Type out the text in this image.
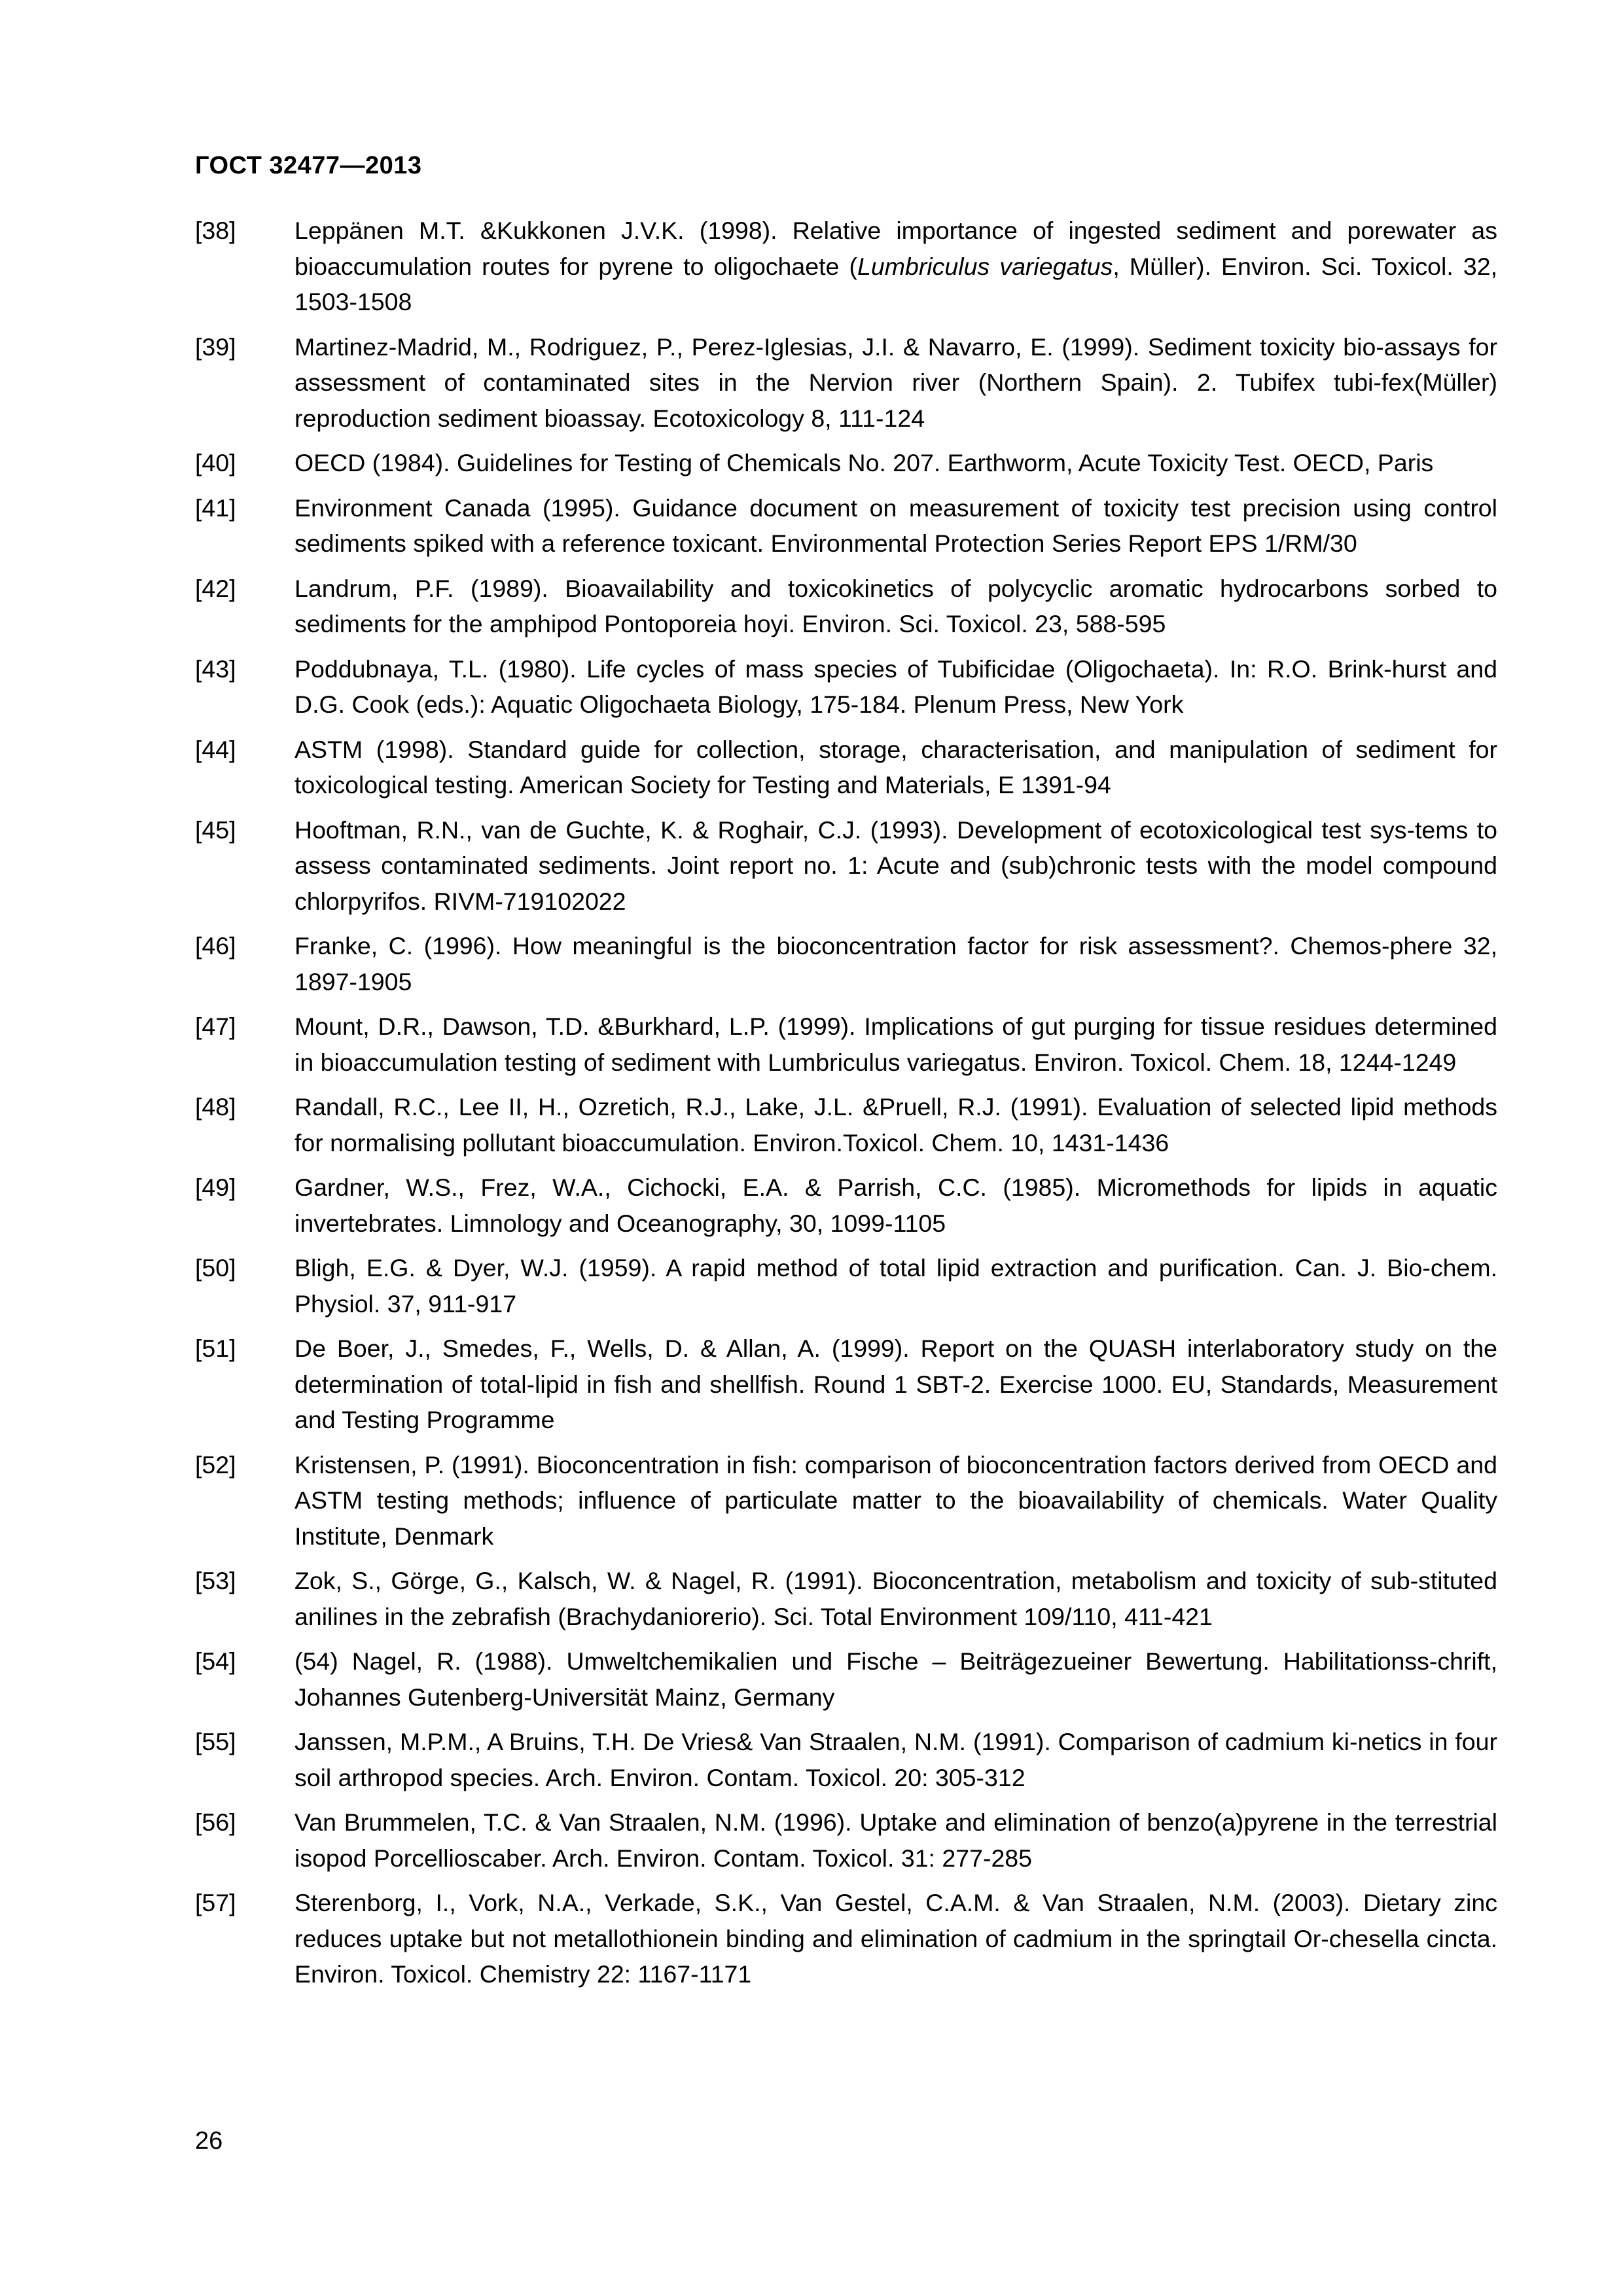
ГОСТ 32477—2013
[38]	Leppänen M.T. &Kukkonen J.V.K. (1998). Relative importance of ingested sediment and porewater as bioaccumulation routes for pyrene to oligochaete (Lumbriculus variegatus, Müller). Environ. Sci. Toxicol. 32, 1503-1508
[39]	Martinez-Madrid, M., Rodriguez, P., Perez-Iglesias, J.I. & Navarro, E. (1999). Sediment toxicity bio-assays for assessment of contaminated sites in the Nervion river (Northern Spain). 2. Tubifex tubi-fex(Müller) reproduction sediment bioassay. Ecotoxicology 8, 111-124
[40]	OECD (1984). Guidelines for Testing of Chemicals No. 207. Earthworm, Acute Toxicity Test. OECD, Paris
[41]	Environment Canada (1995). Guidance document on measurement of toxicity test precision using control sediments spiked with a reference toxicant. Environmental Protection Series Report EPS 1/RM/30
[42]	Landrum, P.F. (1989). Bioavailability and toxicokinetics of polycyclic aromatic hydrocarbons sorbed to sediments for the amphipod Pontoporeia hoyi. Environ. Sci. Toxicol. 23, 588-595
[43]	Poddubnaya, T.L. (1980). Life cycles of mass species of Tubificidae (Oligochaeta). In: R.O. Brink-hurst and D.G. Cook (eds.): Aquatic Oligochaeta Biology, 175-184. Plenum Press, New York
[44]	ASTM (1998). Standard guide for collection, storage, characterisation, and manipulation of sediment for toxicological testing. American Society for Testing and Materials, E 1391-94
[45]	Hooftman, R.N., van de Guchte, K. & Roghair, C.J. (1993). Development of ecotoxicological test sys-tems to assess contaminated sediments. Joint report no. 1: Acute and (sub)chronic tests with the model compound chlorpyrifos. RIVM-719102022
[46]	Franke, C. (1996). How meaningful is the bioconcentration factor for risk assessment?. Chemos-phere 32, 1897-1905
[47]	Mount, D.R., Dawson, T.D. &Burkhard, L.P. (1999). Implications of gut purging for tissue residues determined in bioaccumulation testing of sediment with Lumbriculus variegatus. Environ. Toxicol. Chem. 18, 1244-1249
[48]	Randall, R.C., Lee II, H., Ozretich, R.J., Lake, J.L. &Pruell, R.J. (1991). Evaluation of selected lipid methods for normalising pollutant bioaccumulation. Environ.Toxicol. Chem. 10, 1431-1436
[49]	Gardner, W.S., Frez, W.A., Cichocki, E.A. & Parrish, C.C. (1985). Micromethods for lipids in aquatic invertebrates. Limnology and Oceanography, 30, 1099-1105
[50]	Bligh, E.G. & Dyer, W.J. (1959). A rapid method of total lipid extraction and purification. Can. J. Bio-chem. Physiol. 37, 911-917
[51]	De Boer, J., Smedes, F., Wells, D. & Allan, A. (1999). Report on the QUASH interlaboratory study on the determination of total-lipid in fish and shellfish. Round 1 SBT-2. Exercise 1000. EU, Standards, Measurement and Testing Programme
[52]	Kristensen, P. (1991). Bioconcentration in fish: comparison of bioconcentration factors derived from OECD and ASTM testing methods; influence of particulate matter to the bioavailability of chemicals. Water Quality Institute, Denmark
[53]	Zok, S., Görge, G., Kalsch, W. & Nagel, R. (1991). Bioconcentration, metabolism and toxicity of sub-stituted anilines in the zebrafish (Brachydaniorerio). Sci. Total Environment 109/110, 411-421
[54]	(54) Nagel, R. (1988). Umweltchemikalien und Fische – Beiträgezueiner Bewertung. Habilitationss-chrift, Johannes Gutenberg-Universität Mainz, Germany
[55]	Janssen, M.P.M., A Bruins, T.H. De Vries& Van Straalen, N.M. (1991). Comparison of cadmium ki-netics in four soil arthropod species. Arch. Environ. Contam. Toxicol. 20: 305-312
[56]	Van Brummelen, T.C. & Van Straalen, N.M. (1996). Uptake and elimination of benzo(a)pyrene in the terrestrial isopod Porcellioscaber. Arch. Environ. Contam. Toxicol. 31: 277-285
[57]	Sterenborg, I., Vork, N.A., Verkade, S.K., Van Gestel, C.A.M. & Van Straalen, N.M. (2003). Dietary zinc reduces uptake but not metallothionein binding and elimination of cadmium in the springtail Or-chesella cincta. Environ. Toxicol. Chemistry 22: 1167-1171
26
